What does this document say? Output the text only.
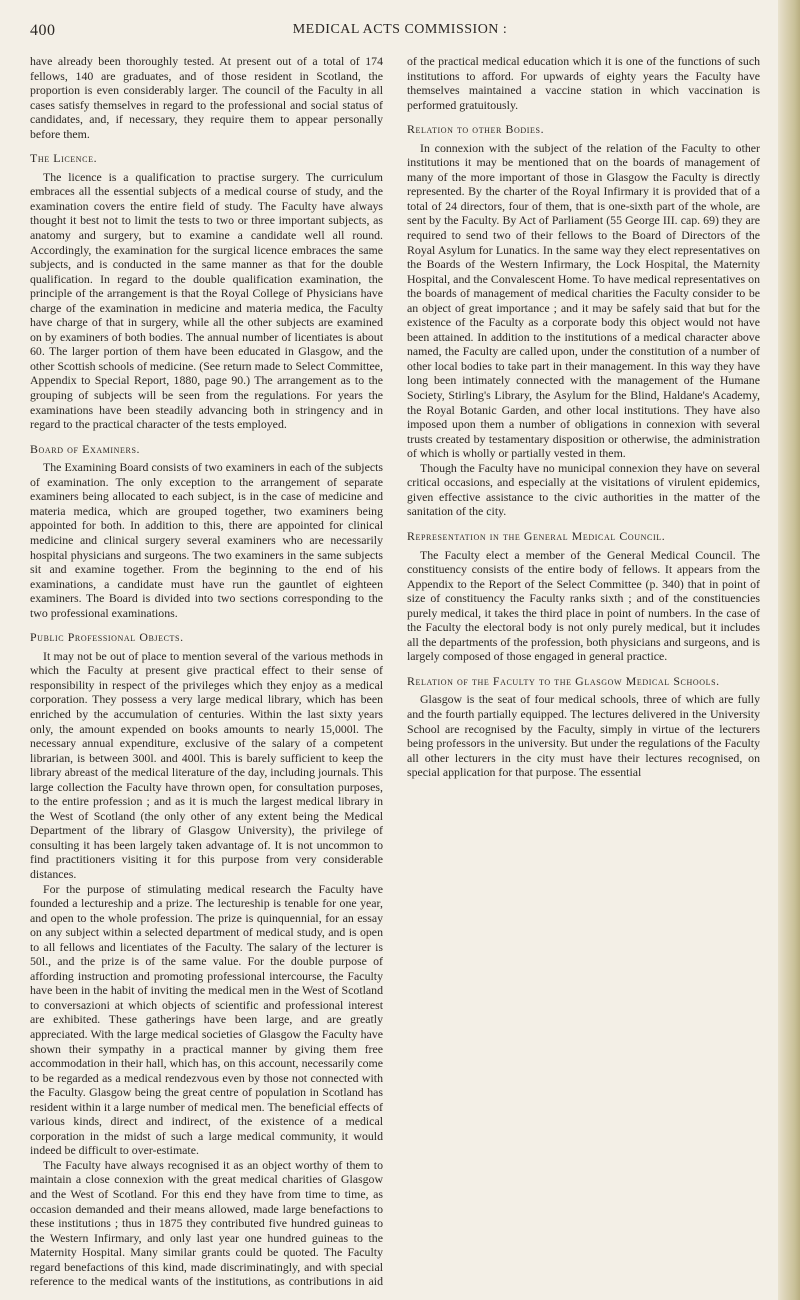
400	MEDICAL ACTS COMMISSION :

have already been thoroughly tested. At present out of a total of 174 fellows, 140 are graduates, and of those resident in Scotland, the proportion is even considerably larger. The council of the Faculty in all cases satisfy themselves in regard to the professional and social status of candidates, and, if necessary, they require them to appear personally before them.

The Licence.

The licence is a qualification to practise surgery. The curriculum embraces all the essential subjects of a medical course of study, and the examination covers the entire field of study. The Faculty have always thought it best not to limit the tests to two or three important subjects, as anatomy and surgery, but to examine a candidate well all round. Accordingly, the examination for the surgical licence embraces the same subjects, and is conducted in the same manner as that for the double qualification. In regard to the double qualification examination, the principle of the arrangement is that the Royal College of Physicians have charge of the examination in medicine and materia medica, the Faculty have charge of that in surgery, while all the other subjects are examined on by examiners of both bodies. The annual number of licentiates is about 60. The larger portion of them have been educated in Glasgow, and the other Scottish schools of medicine. (See return made to Select Committee, Appendix to Special Report, 1880, page 90.) The arrangement as to the grouping of subjects will be seen from the regulations. For years the examinations have been steadily advancing both in stringency and in regard to the practical character of the tests employed.

Board of Examiners.

The Examining Board consists of two examiners in each of the subjects of examination. The only exception to the arrangement of separate examiners being allocated to each subject, is in the case of medicine and materia medica, which are grouped together, two examiners being appointed for both. In addition to this, there are appointed for clinical medicine and clinical surgery several examiners who are necessarily hospital physicians and surgeons. The two examiners in the same subjects sit and examine together. From the beginning to the end of his examinations, a candidate must have run the gauntlet of eighteen examiners. The Board is divided into two sections corresponding to the two professional examinations.

Public Professional Objects.

It may not be out of place to mention several of the various methods in which the Faculty at present give practical effect to their sense of responsibility in respect of the privileges which they enjoy as a medical corporation. They possess a very large medical library, which has been enriched by the accumulation of centuries. Within the last sixty years only, the amount expended on books amounts to nearly 15,000l. The necessary annual expenditure, exclusive of the salary of a competent librarian, is between 300l. and 400l. This is barely sufficient to keep the library abreast of the medical literature of the day, including journals. This large collection the Faculty have thrown open, for consultation purposes, to the entire profession ; and as it is much the largest medical library in the West of Scotland (the only other of any extent being the Medical Department of the library of Glasgow University), the privilege of consulting it has been largely taken advantage of. It is not uncommon to find practitioners visiting it for this purpose from very considerable distances.

For the purpose of stimulating medical research the Faculty have founded a lectureship and a prize. The lectureship is tenable for one year, and open to the whole profession. The prize is quinquennial, for an essay on any subject within a selected department of medical study, and is open to all fellows and licentiates of the Faculty. The salary of the lecturer is 50l., and the prize is of the same value. For the double purpose of affording instruction and promoting professional intercourse, the Faculty have been in the habit of inviting the medical men in the West of Scotland to conversazioni at which objects of scientific and professional interest are exhibited. These gatherings have been large, and are greatly appreciated. With the large medical societies of Glasgow the Faculty have shown their sympathy in a practical manner by giving them free accommodation in their hall, which has, on this account, necessarily come to be regarded as a medical rendezvous even by those not connected with the Faculty. Glasgow being the great centre of population in Scotland has resident within it a large number of medical men. The beneficial effects of various kinds, direct and indirect, of the existence of a medical corporation in the midst of such a large medical community, it would indeed be difficult to over-estimate.

The Faculty have always recognised it as an object worthy of them to maintain a close connexion with the great medical charities of Glasgow and the West of Scotland. For this end they have from time to time, as occasion demanded and their means allowed, made large benefactions to these institutions ; thus in 1875 they contributed five hundred guineas to the Western Infirmary, and only last year one hundred guineas to the Maternity Hospital. Many similar grants could be quoted. The Faculty regard benefactions of this kind, made discriminatingly, and with special reference to the medical wants of the institutions, as contributions in aid of the practical medical education which it is one of the functions of such institutions to afford. For upwards of eighty years the Faculty have themselves maintained a vaccine station in which vaccination is performed gratuitously.

Relation to other Bodies.

In connexion with the subject of the relation of the Faculty to other institutions it may be mentioned that on the boards of management of many of the more important of those in Glasgow the Faculty is directly represented. By the charter of the Royal Infirmary it is provided that of a total of 24 directors, four of them, that is one-sixth part of the whole, are sent by the Faculty. By Act of Parliament (55 George III. cap. 69) they are required to send two of their fellows to the Board of Directors of the Royal Asylum for Lunatics. In the same way they elect representatives on the Boards of the Western Infirmary, the Lock Hospital, the Maternity Hospital, and the Convalescent Home. To have medical representatives on the boards of management of medical charities the Faculty consider to be an object of great importance ; and it may be safely said that but for the existence of the Faculty as a corporate body this object would not have been attained. In addition to the institutions of a medical character above named, the Faculty are called upon, under the constitution of a number of other local bodies to take part in their management. In this way they have long been intimately connected with the management of the Humane Society, Stirling's Library, the Asylum for the Blind, Haldane's Academy, the Royal Botanic Garden, and other local institutions. They have also imposed upon them a number of obligations in connexion with several trusts created by testamentary disposition or otherwise, the administration of which is wholly or partially vested in them.

Though the Faculty have no municipal connexion they have on several critical occasions, and especially at the visitations of virulent epidemics, given effective assistance to the civic authorities in the matter of the sanitation of the city.

Representation in the General Medical Council.

The Faculty elect a member of the General Medical Council. The constituency consists of the entire body of fellows. It appears from the Appendix to the Report of the Select Committee (p. 340) that in point of size of constituency the Faculty ranks sixth ; and of the constituencies purely medical, it takes the third place in point of numbers. In the case of the Faculty the electoral body is not only purely medical, but it includes all the departments of the profession, both physicians and surgeons, and is largely composed of those engaged in general practice.

Relation of the Faculty to the Glasgow Medical Schools.

Glasgow is the seat of four medical schools, three of which are fully and the fourth partially equipped. The lectures delivered in the University School are recognised by the Faculty, simply in virtue of the lecturers being professors in the university. But under the regulations of the Faculty all other lecturers in the city must have their lectures recognised, on special application for that purpose. The essential
